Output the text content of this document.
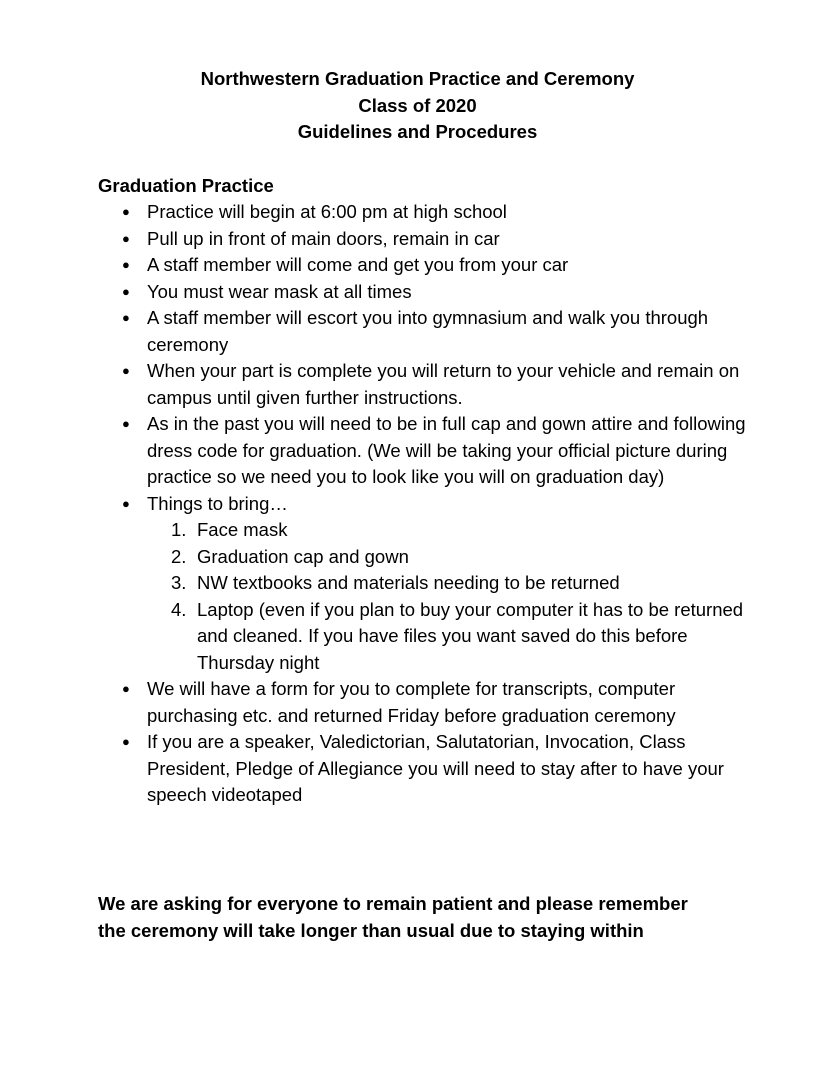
Northwestern Graduation Practice and Ceremony
Class of 2020
Guidelines and Procedures
Graduation Practice
● Practice will begin at 6:00 pm at high school
● Pull up in front of main doors, remain in car
● A staff member will come and get you from your car
● You must wear mask at all times
● A staff member will escort you into gymnasium and walk you through ceremony
● When your part is complete you will return to your vehicle and remain on campus until given further instructions.
● As in the past you will need to be in full cap and gown attire and following dress code for graduation. (We will be taking your official picture during practice so we need you to look like you will on graduation day)
● Things to bring…
1. Face mask
2. Graduation cap and gown
3. NW textbooks and materials needing to be returned
4. Laptop (even if you plan to buy your computer it has to be returned and cleaned. If you have files you want saved do this before Thursday night
● We will have a form for you to complete for transcripts, computer purchasing etc. and returned Friday before graduation ceremony
● If you are a speaker, Valedictorian, Salutatorian, Invocation, Class President, Pledge of Allegiance you will need to stay after to have your speech videotaped
We are asking for everyone to remain patient and please remember
the ceremony will take longer than usual due to staying within
